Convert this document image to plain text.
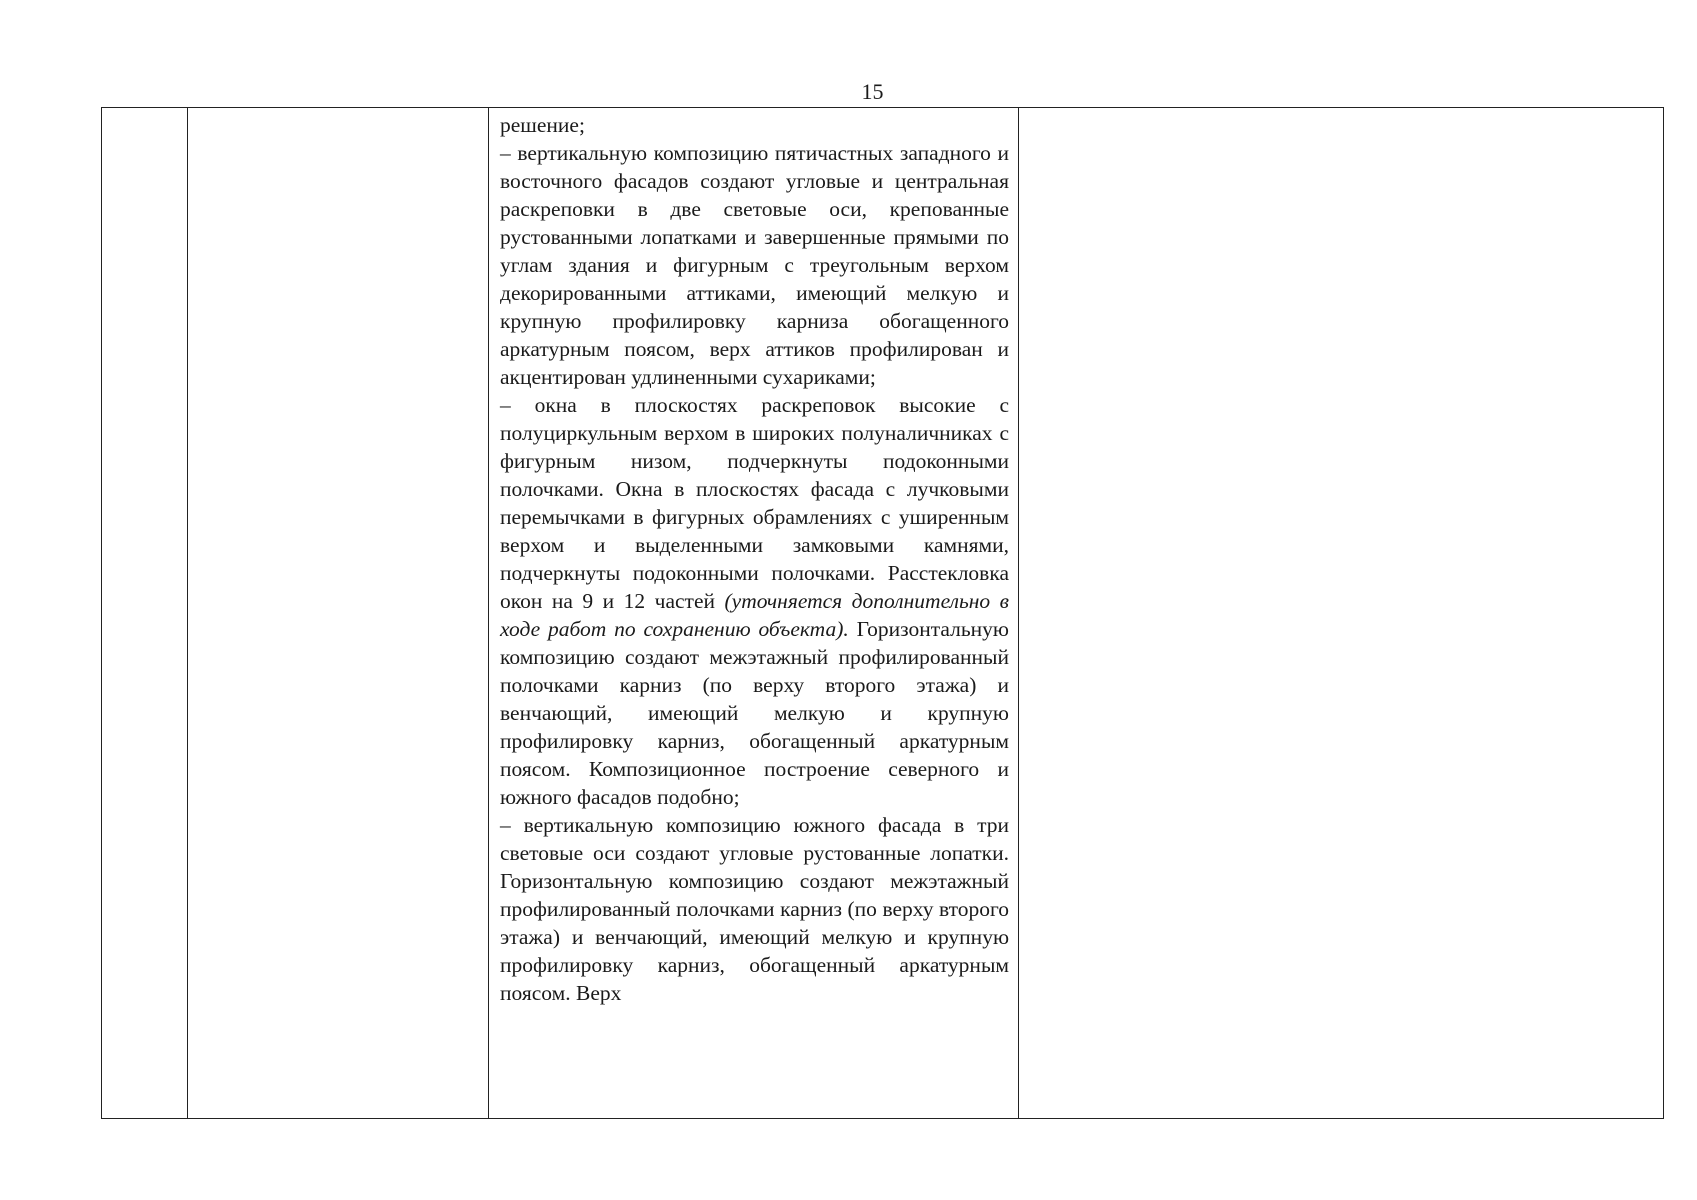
15

решение;

– вертикальную композицию пятичастных западного и восточного фасадов создают угловые и центральная раскреповки в две световые оси, крепованные рустованными лопатками и завершенные прямыми по углам здания и фигурным с треугольным верхом декорированными аттиками, имеющий мелкую и крупную профилировку карниза обогащенного аркатурным поясом, верх аттиков профилирован и акцентирован удлиненными сухариками;

– окна в плоскостях раскреповок высокие с полуциркульным верхом в широких полуналичниках с фигурным низом, подчеркнуты подоконными полочками. Окна в плоскостях фасада с лучковыми перемычками в фигурных обрамлениях с уширенным верхом и выделенными замковыми камнями, подчеркнуты подоконными полочками. Расстекловка окон на 9 и 12 частей (уточняется дополнительно в ходе работ по сохранению объекта). Горизонтальную композицию создают межэтажный профилированный полочками карниз (по верху второго этажа) и венчающий, имеющий мелкую и крупную профилировку карниз, обогащенный аркатурным поясом. Композиционное построение северного и южного фасадов подобно;

– вертикальную композицию южного фасада в три световые оси создают угловые рустованные лопатки. Горизонтальную композицию создают межэтажный профилированный полочками карниз (по верху второго этажа) и венчающий, имеющий мелкую и крупную профилировку карниз, обогащенный аркатурным поясом. Верх
